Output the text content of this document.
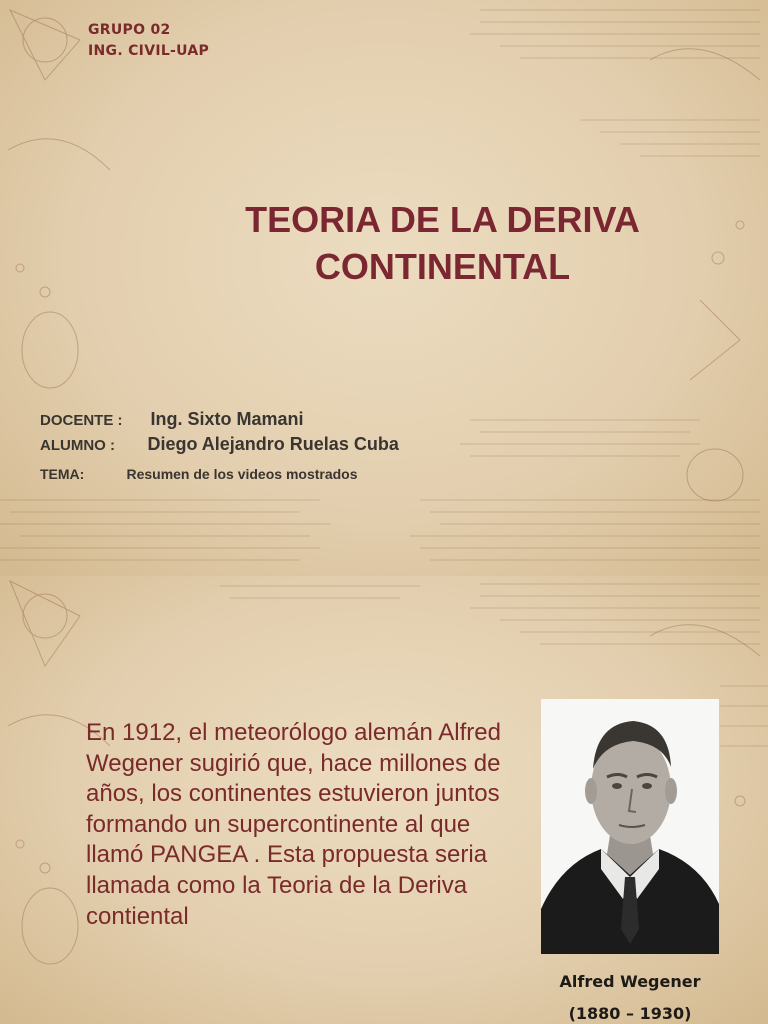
GRUPO 02
ING. CIVIL-UAP
TEORIA DE LA DERIVA CONTINENTAL
DOCENTE : Ing. Sixto Mamani
ALUMNO : Diego Alejandro Ruelas Cuba
TEMA:	Resumen de los videos mostrados
En 1912, el meteorólogo alemán Alfred Wegener sugirió que, hace millones de años, los continentes estuvieron juntos formando un supercontinente al que llamó PANGEA . Esta propuesta seria llamada como la Teoria de la Deriva contiental
Alfred Wegener
(1880 – 1930)
